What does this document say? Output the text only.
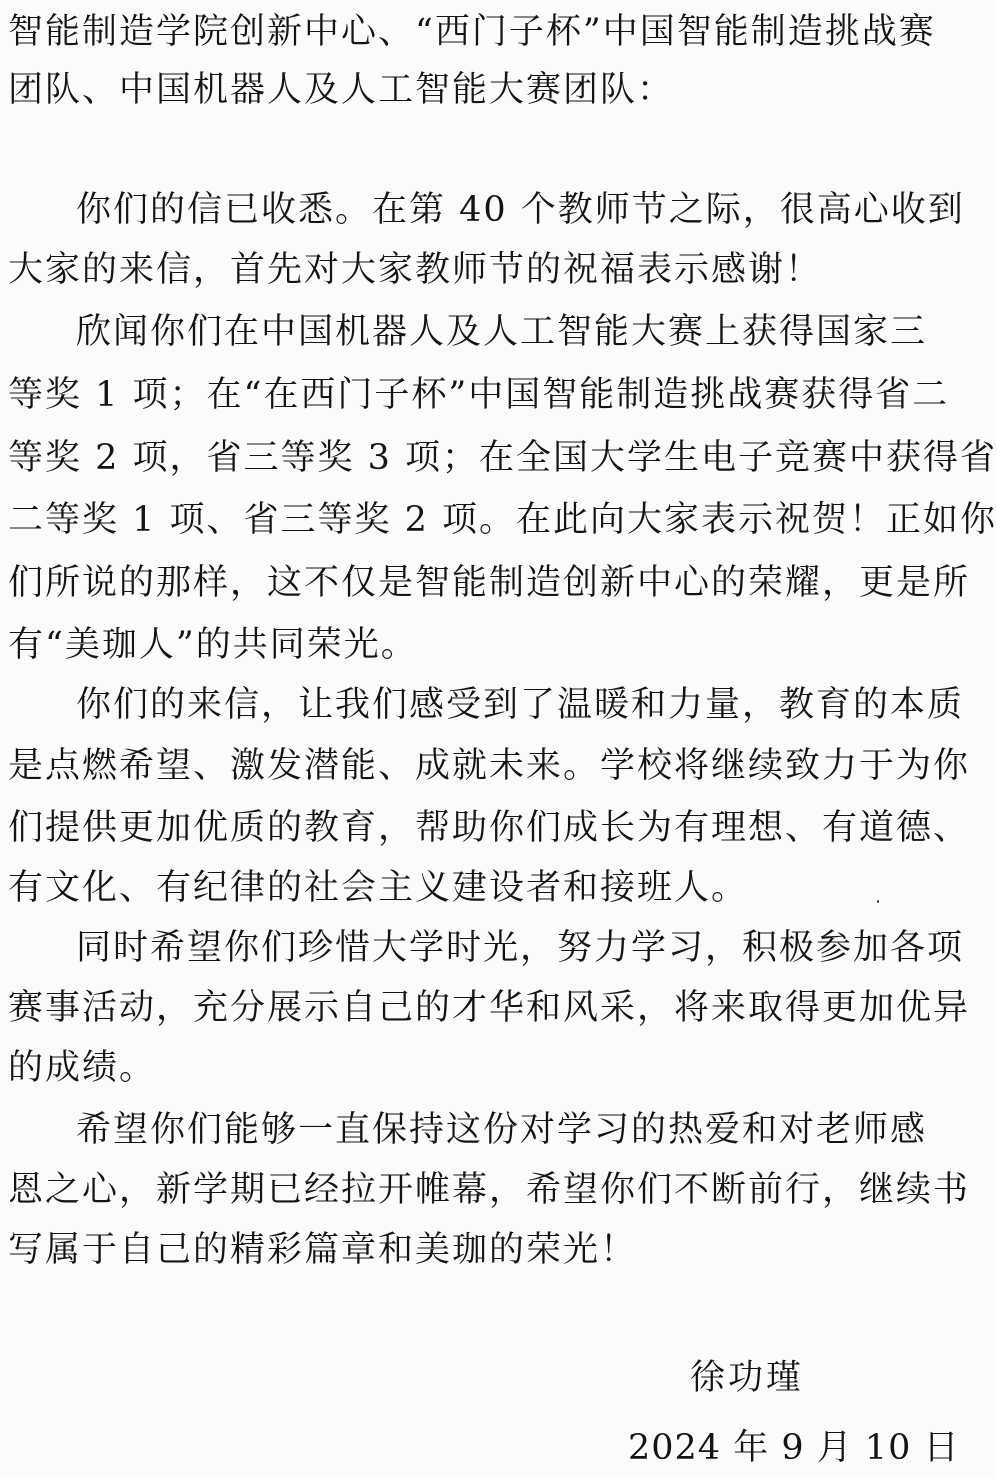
智能制造学院创新中心、“西门子杯”中国智能制造挑战赛
团队、中国机器人及人工智能大赛团队：
你们的信已收悉。在第 40 个教师节之际，很高心收到
大家的来信，首先对大家教师节的祝福表示感谢！
欣闻你们在中国机器人及人工智能大赛上获得国家三
等奖 1 项；在“在西门子杯”中国智能制造挑战赛获得省二
等奖 2 项，省三等奖 3 项；在全国大学生电子竞赛中获得省
二等奖 1 项、省三等奖 2 项。在此向大家表示祝贺！正如你
们所说的那样，这不仅是智能制造创新中心的荣耀，更是所
有“美珈人”的共同荣光。
你们的来信，让我们感受到了温暖和力量，教育的本质
是点燃希望、激发潜能、成就未来。学校将继续致力于为你
们提供更加优质的教育，帮助你们成长为有理想、有道德、
有文化、有纪律的社会主义建设者和接班人。
同时希望你们珍惜大学时光，努力学习，积极参加各项
赛事活动，充分展示自己的才华和风采，将来取得更加优异
的成绩。
希望你们能够一直保持这份对学习的热爱和对老师感
恩之心，新学期已经拉开帷幕，希望你们不断前行，继续书
写属于自己的精彩篇章和美珈的荣光！
徐功瑾
2024 年 9 月 10 日
